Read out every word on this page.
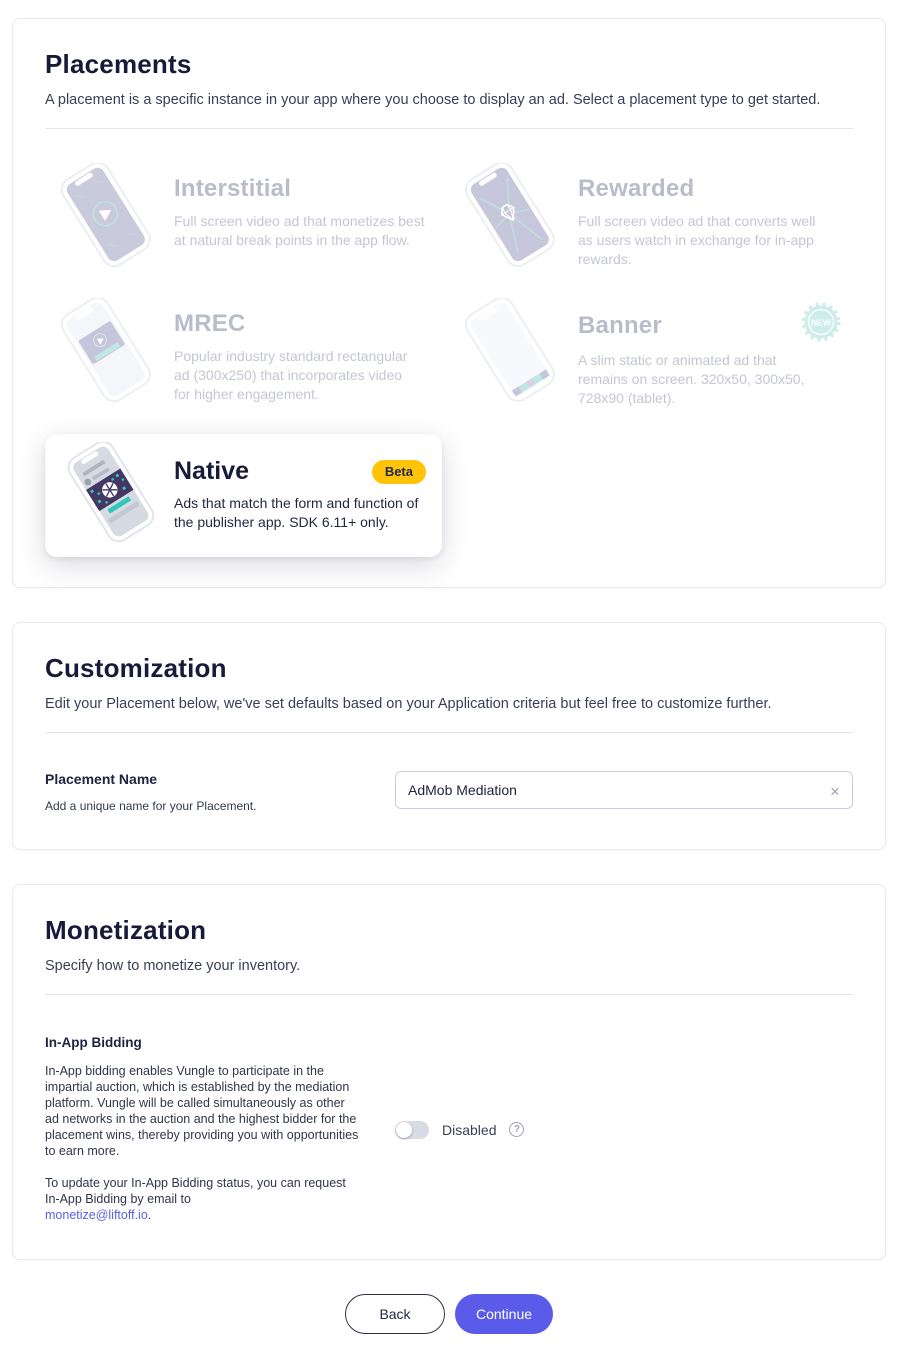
Placements

A placement is a specific instance in your app where you choose to display an ad. Select a placement type to get started.

Interstitial
Full screen video ad that monetizes best at natural break points in the app flow.
Rewarded
Full screen video ad that converts well as users watch in exchange for in-app rewards.
MREC
Popular industry standard rectangular ad (300x250) that incorporates video for higher engagement.
Banner	NEW
A slim static or animated ad that remains on screen. 320x50, 300x50, 728x90 (tablet).
Native	Beta
Ads that match the form and function of the publisher app. SDK 6.11+ only.
Customization

Edit your Placement below, we've set defaults based on your Application criteria but feel free to customize further.

Placement Name
Add a unique name for your Placement.
AdMob Mediation
×
Monetization

Specify how to monetize your inventory.

In-App Bidding

In-App bidding enables Vungle to participate in the impartial auction, which is established by the mediation platform. Vungle will be called simultaneously as other ad networks in the auction and the highest bidder for the placement wins, thereby providing you with opportunities to earn more.

To update your In-App Bidding status, you can request In-App Bidding by email to
monetize@liftoff.io.

Disabled	?
Back	Continue
